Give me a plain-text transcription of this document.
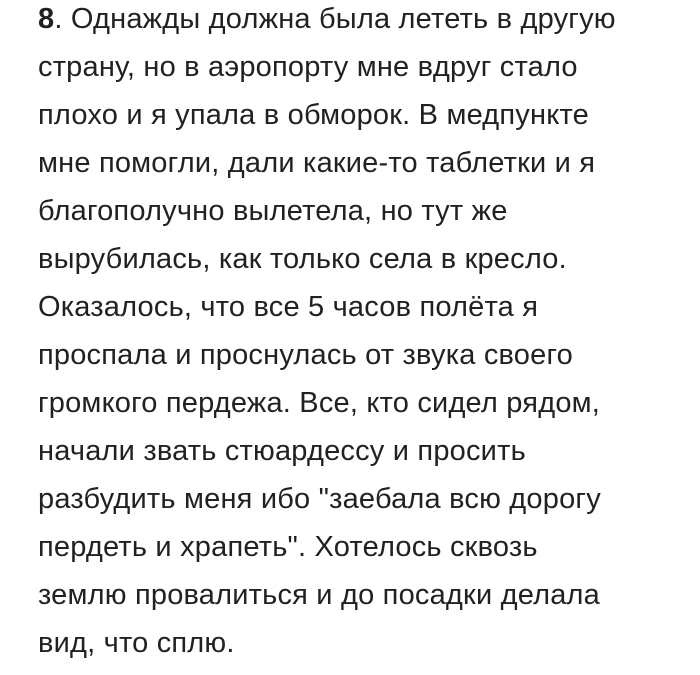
8. Однажды должна была лететь в другую

страну, но в аэропорту мне вдруг стало

плохо и я упала в обморок. В медпункте

мне помогли, дали какие-то таблетки и я

благополучно вылетела, но тут же

вырубилась, как только села в кресло.

Оказалось, что все 5 часов полёта я

проспала и проснулась от звука своего

громкого пердежа. Все, кто сидел рядом,

начали звать стюардессу и просить

разбудить меня ибо "заебала всю дорогу

пердеть и храпеть". Хотелось сквозь

землю провалиться и до посадки делала

вид, что сплю.
